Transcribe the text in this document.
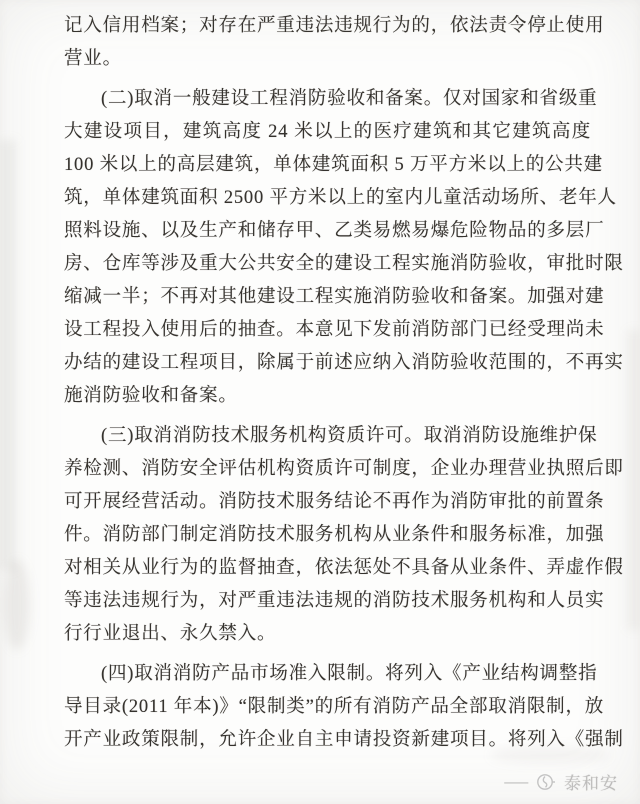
记入信用档案；对存在严重违法违规行为的，依法责令停止使用
营业。
(二)取消一般建设工程消防验收和备案。仅对国家和省级重
大建设项目，建筑高度 24 米以上的医疗建筑和其它建筑高度
100 米以上的高层建筑，单体建筑面积 5 万平方米以上的公共建
筑，单体建筑面积 2500 平方米以上的室内儿童活动场所、老年人
照料设施、以及生产和储存甲、乙类易燃易爆危险物品的多层厂
房、仓库等涉及重大公共安全的建设工程实施消防验收，审批时限
缩减一半；不再对其他建设工程实施消防验收和备案。加强对建
设工程投入使用后的抽查。本意见下发前消防部门已经受理尚未
办结的建设工程项目，除属于前述应纳入消防验收范围的，不再实
施消防验收和备案。
(三)取消消防技术服务机构资质许可。取消消防设施维护保
养检测、消防安全评估机构资质许可制度，企业办理营业执照后即
可开展经营活动。消防技术服务结论不再作为消防审批的前置条
件。消防部门制定消防技术服务机构从业条件和服务标准，加强
对相关从业行为的监督抽查，依法惩处不具备从业条件、弄虚作假
等违法违规行为，对严重违法违规的消防技术服务机构和人员实
行行业退出、永久禁入。
(四)取消消防产品市场准入限制。将列入《产业结构调整指
导目录(2011 年本)》“限制类”的所有消防产品全部取消限制，放
开产业政策限制，允许企业自主申请投资新建项目。将列入《强制
— 泰和安
